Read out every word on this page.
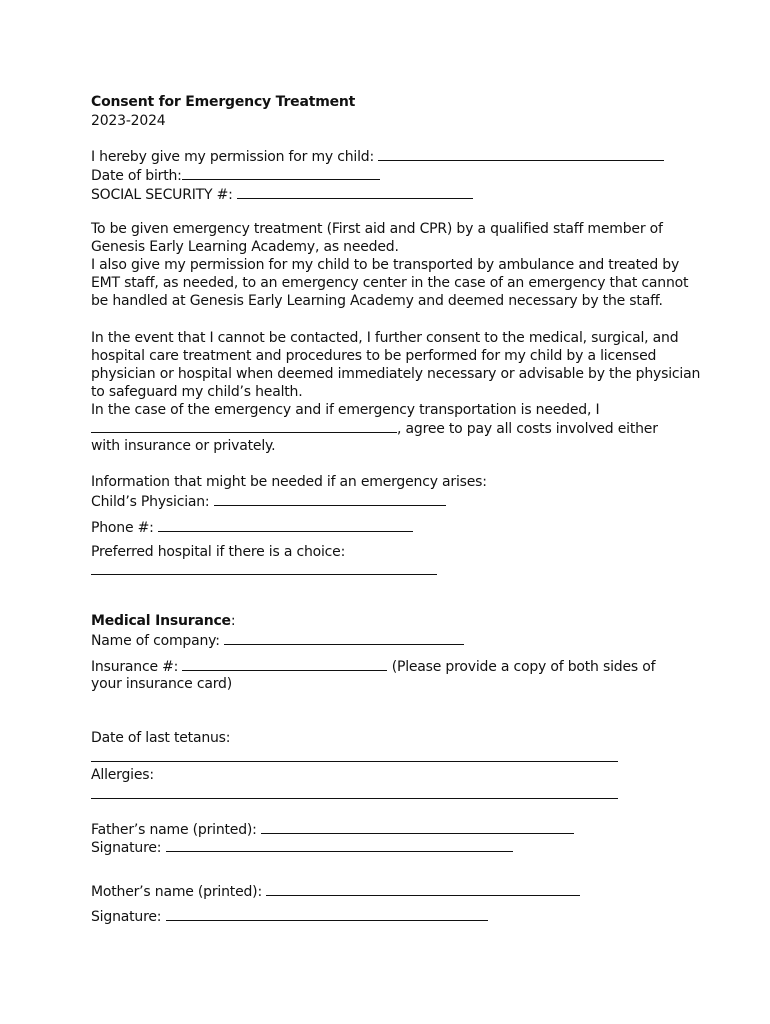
Consent for Emergency Treatment
2023-2024
I hereby give my permission for my child:
Date of birth:
SOCIAL SECURITY #:
To be given emergency treatment (First aid and CPR) by a qualified staff member of
Genesis Early Learning Academy, as needed.
I also give my permission for my child to be transported by ambulance and treated by
EMT staff, as needed, to an emergency center in the case of an emergency that cannot
be handled at Genesis Early Learning Academy and deemed necessary by the staff.
In the event that I cannot be contacted, I further consent to the medical, surgical, and
hospital care treatment and procedures to be performed for my child by a licensed
physician or hospital when deemed immediately necessary or advisable by the physician
to safeguard my child’s health.
In the case of the emergency and if emergency transportation is needed, I
, agree to pay all costs involved either
with insurance or privately.
Information that might be needed if an emergency arises:
Child’s Physician:
Phone #:
Preferred hospital if there is a choice:
Medical Insurance:
Name of company:
Insurance #:	(Please provide a copy of both sides of
your insurance card)
Date of last tetanus:
Allergies:
Father’s name (printed):
Signature:
Mother’s name (printed):
Signature:
